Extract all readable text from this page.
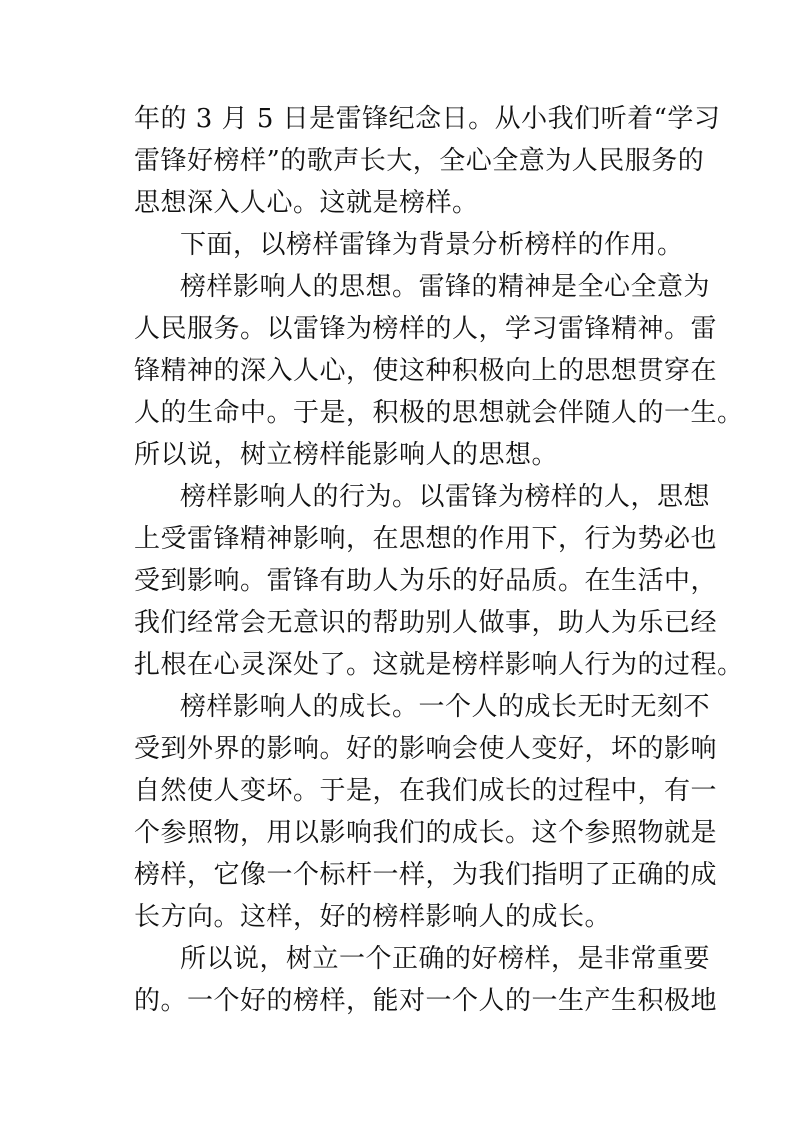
年的 3 月 5 日是雷锋纪念日。从小我们听着“学习
雷锋好榜样”的歌声长大，全心全意为人民服务的
思想深入人心。这就是榜样。
下面，以榜样雷锋为背景分析榜样的作用。
榜样影响人的思想。雷锋的精神是全心全意为
人民服务。以雷锋为榜样的人，学习雷锋精神。雷
锋精神的深入人心，使这种积极向上的思想贯穿在
人的生命中。于是，积极的思想就会伴随人的一生。
所以说，树立榜样能影响人的思想。
榜样影响人的行为。以雷锋为榜样的人，思想
上受雷锋精神影响，在思想的作用下，行为势必也
受到影响。雷锋有助人为乐的好品质。在生活中，
我们经常会无意识的帮助别人做事，助人为乐已经
扎根在心灵深处了。这就是榜样影响人行为的过程。
榜样影响人的成长。一个人的成长无时无刻不
受到外界的影响。好的影响会使人变好，坏的影响
自然使人变坏。于是，在我们成长的过程中，有一
个参照物，用以影响我们的成长。这个参照物就是
榜样，它像一个标杆一样，为我们指明了正确的成
长方向。这样，好的榜样影响人的成长。
所以说，树立一个正确的好榜样，是非常重要
的。一个好的榜样，能对一个人的一生产生积极地
